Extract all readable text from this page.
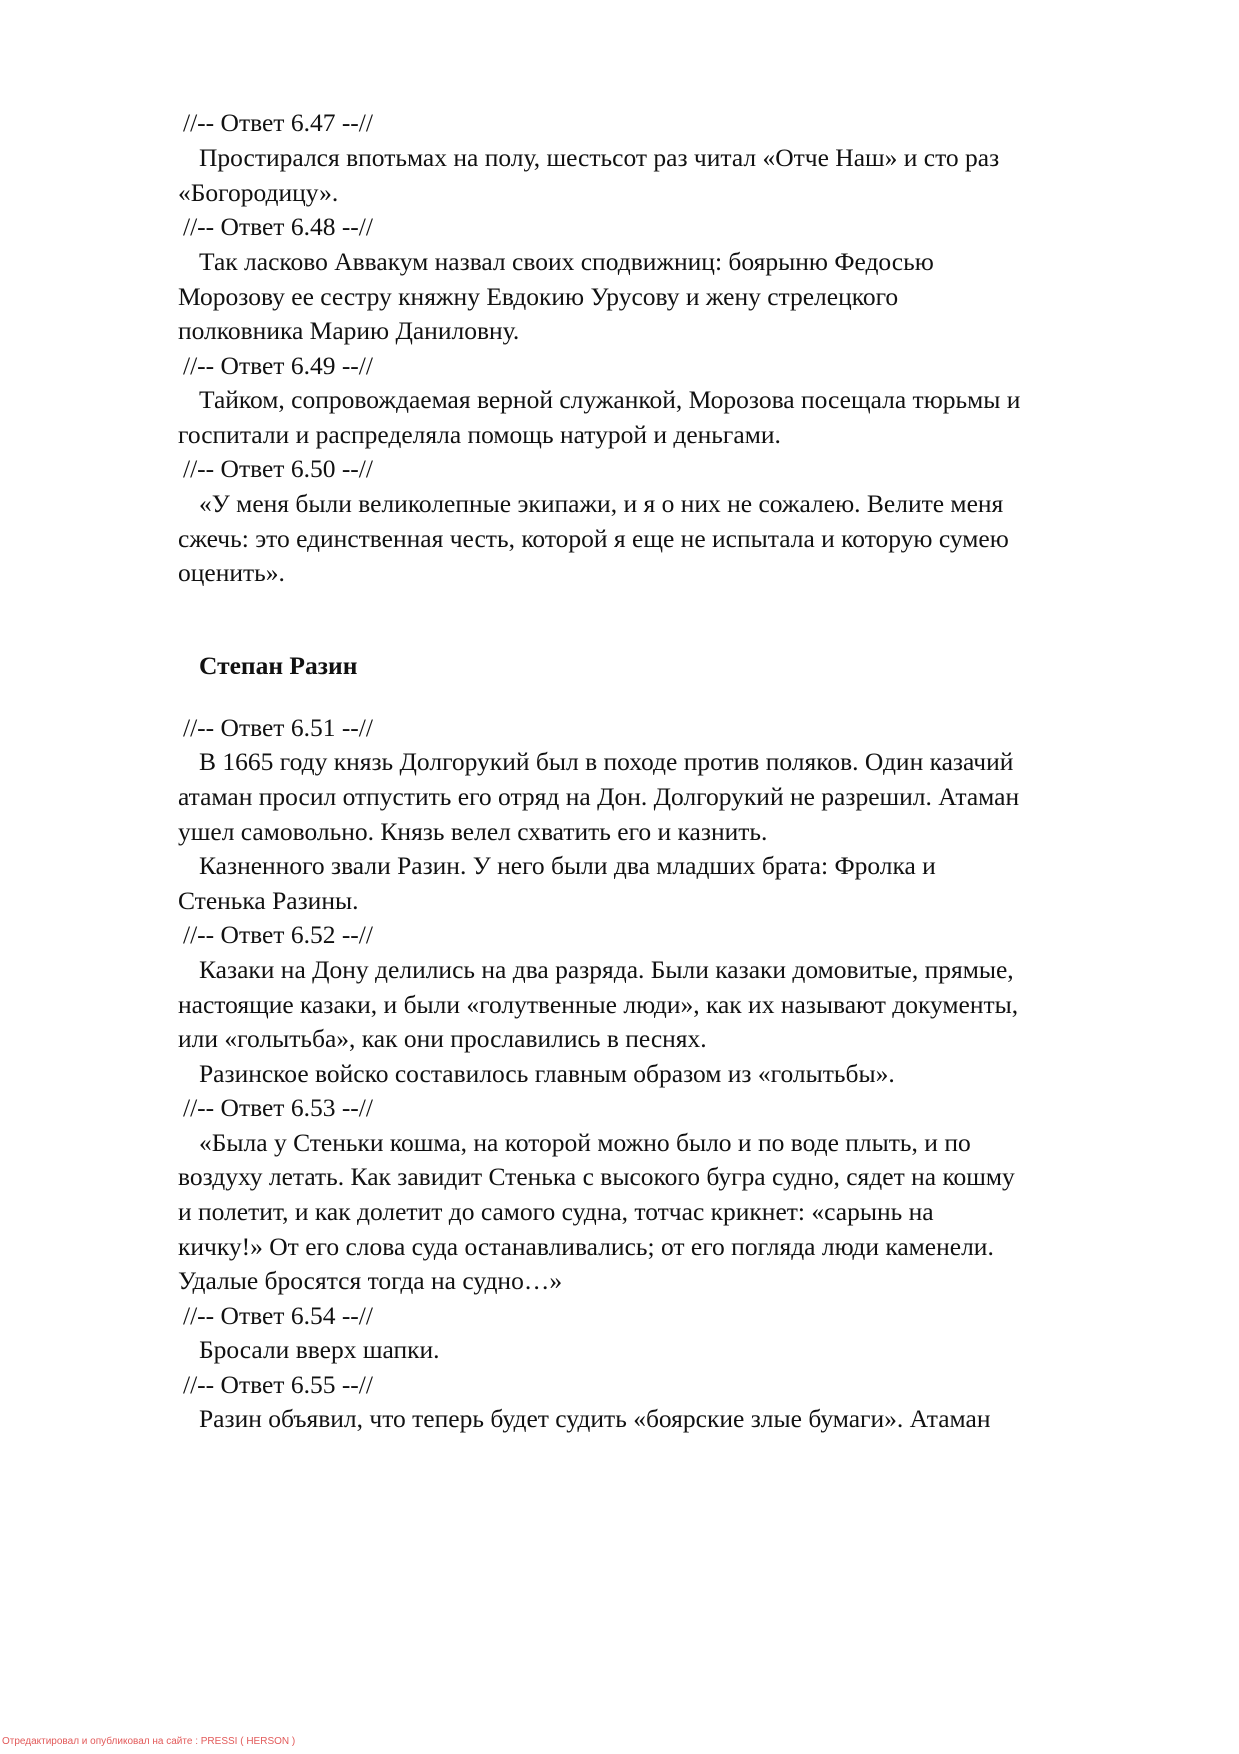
//-- Ответ 6.47 --//
Простирался впотьмах на полу, шестьсот раз читал «Отче Наш» и сто раз
«Богородицу».
//-- Ответ 6.48 --//
Так ласково Аввакум назвал своих сподвижниц: боярыню Федосью
Морозову ее сестру княжну Евдокию Урусову и жену стрелецкого
полковника Марию Даниловну.
//-- Ответ 6.49 --//
Тайком, сопровождаемая верной служанкой, Морозова посещала тюрьмы и
госпитали и распределяла помощь натурой и деньгами.
//-- Ответ 6.50 --//
«У меня были великолепные экипажи, и я о них не сожалею. Велите меня
сжечь: это единственная честь, которой я еще не испытала и которую сумею
оценить».
Степан Разин
//-- Ответ 6.51 --//
В 1665 году князь Долгорукий был в походе против поляков. Один казачий
атаман просил отпустить его отряд на Дон. Долгорукий не разрешил. Атаман
ушел самовольно. Князь велел схватить его и казнить.
Казненного звали Разин. У него были два младших брата: Фролка и
Стенька Разины.
//-- Ответ 6.52 --//
Казаки на Дону делились на два разряда. Были казаки домовитые, прямые,
настоящие казаки, и были «голутвенные люди», как их называют документы,
или «голытьба», как они прославились в песнях.
Разинское войско составилось главным образом из «голытьбы».
//-- Ответ 6.53 --//
«Была у Стеньки кошма, на которой можно было и по воде плыть, и по
воздуху летать. Как завидит Стенька с высокого бугра судно, сядет на кошму
и полетит, и как долетит до самого судна, тотчас крикнет: «сарынь на
кичку!» От его слова суда останавливались; от его погляда люди каменели.
Удалые бросятся тогда на судно…»
//-- Ответ 6.54 --//
Бросали вверх шапки.
//-- Ответ 6.55 --//
Разин объявил, что теперь будет судить «боярские злые бумаги». Атаман
Отредактировал и опубликовал на сайте : PRESSI ( HERSON )
